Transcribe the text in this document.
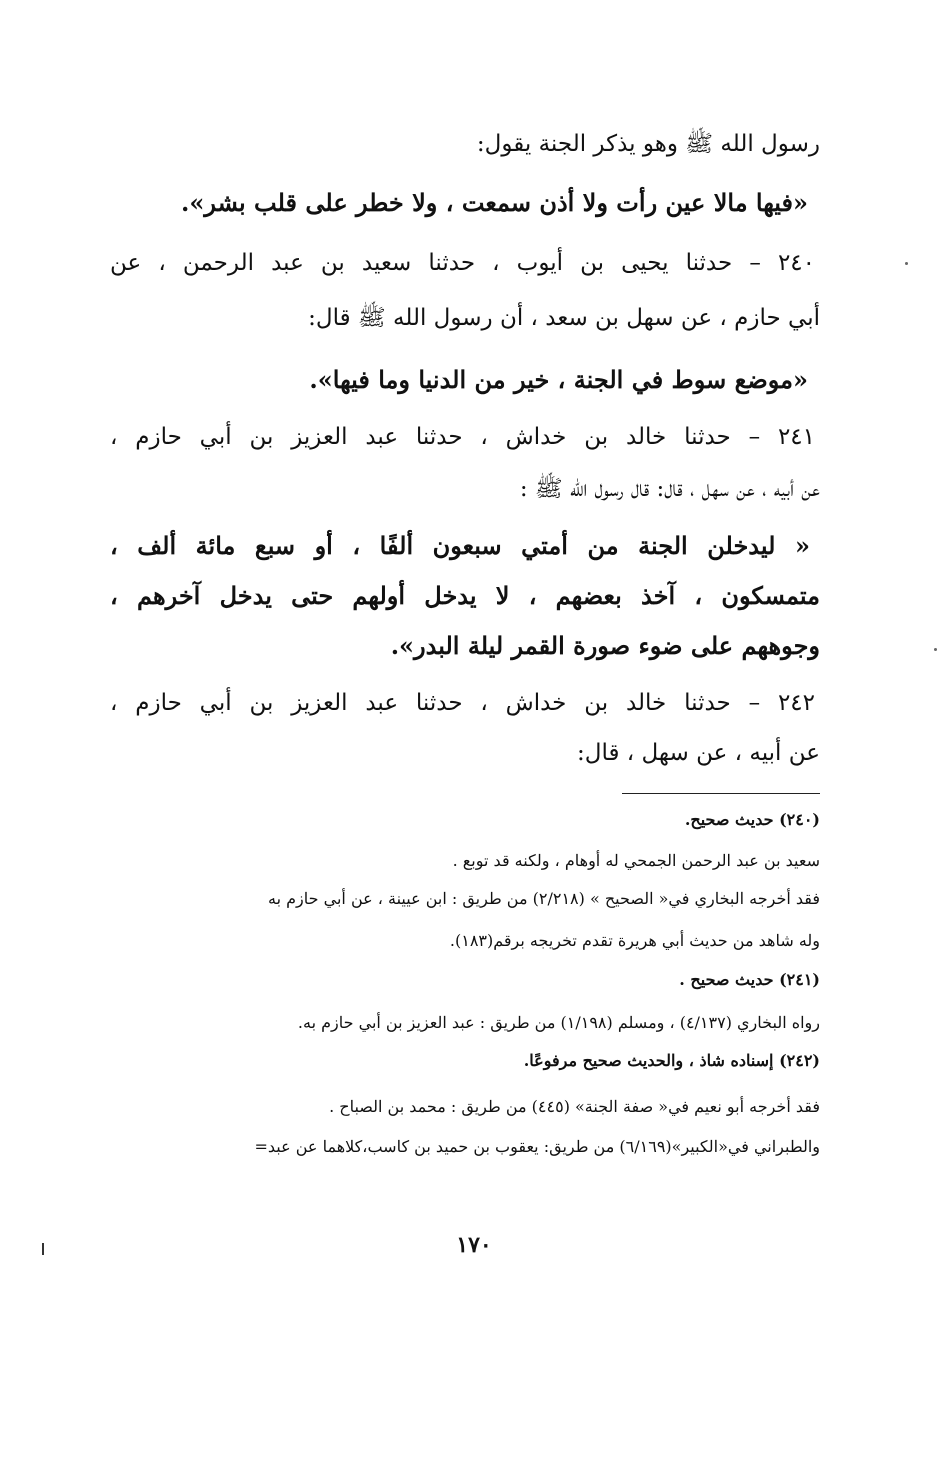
رسول الله ﷺ وهو يذكر الجنة يقول:
«فيها مالا عين رأت ولا أذن سمعت ، ولا خطر على قلب بشر».
٢٤٠ – حدثنا يحيى بن أيوب ، حدثنا سعيد بن عبد الرحمن ، عن
أبي حازم ، عن سهل بن سعد ، أن رسول الله ﷺ قال:
«موضع سوط في الجنة ، خير من الدنيا وما فيها».
٢٤١ – حدثنا خالد بن خداش ، حدثنا عبد العزيز بن أبي حازم ،
عن أبيه ، عن سهل ، قال: قال رسول الله ﷺ :
« ليدخلن الجنة من أمتي سبعون ألفًا ، أو سبع مائة ألف ،
متمسكون ، آخذ بعضهم ، لا يدخل أولهم حتى يدخل آخرهم ،
وجوههم على ضوء صورة القمر ليلة البدر».
٢٤٢ – حدثنا خالد بن خداش ، حدثنا عبد العزيز بن أبي حازم ،
عن أبيه ، عن سهل ، قال:
(٢٤٠) حديث صحيح.
سعيد بن عبد الرحمن الجمحي له أوهام ، ولكنه قد توبع .
فقد أخرجه البخاري في« الصحيح » (٢/٢١٨) من طريق : ابن عيينة ، عن أبي حازم به
وله شاهد من حديث أبي هريرة تقدم تخريجه برقم(١٨٣).
(٢٤١) حديث صحيح .
رواه البخاري (٤/١٣٧) ، ومسلم (١/١٩٨) من طريق : عبد العزيز بن أبي حازم به.
(٢٤٢) إسناده شاذ ، والحديث صحيح مرفوعًا.
فقد أخرجه أبو نعيم في« صفة الجنة» (٤٤٥) من طريق : محمد بن الصباح .
والطبراني في«الكبير»(٦/١٦٩) من طريق: يعقوب بن حميد بن كاسب،كلاهما عن عبد=
١٧٠
